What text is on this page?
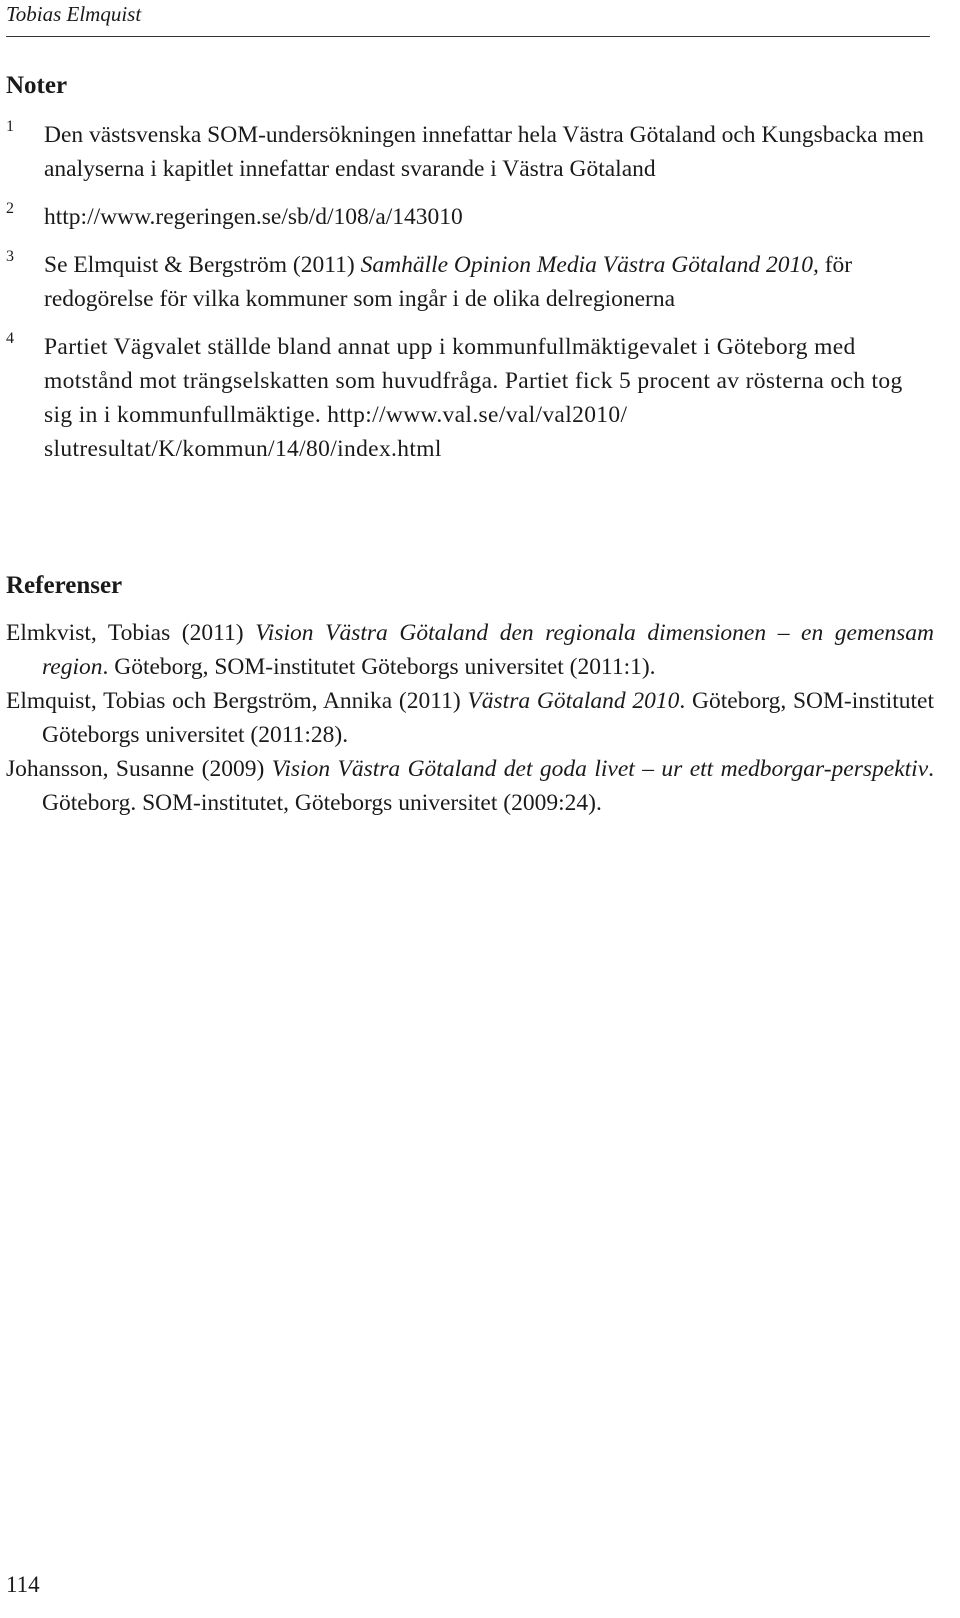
Tobias Elmquist
Noter
1 Den västsvenska SOM-undersökningen innefattar hela Västra Götaland och Kungsbacka men analyserna i kapitlet innefattar endast svarande i Västra Götaland
2 http://www.regeringen.se/sb/d/108/a/143010
3 Se Elmquist & Bergström (2011) Samhälle Opinion Media Västra Götaland 2010, för redogörelse för vilka kommuner som ingår i de olika delregionerna
4 Partiet Vägvalet ställde bland annat upp i kommunfullmäktigevalet i Göteborg med motstånd mot trängselskatten som huvudfråga. Partiet fick 5 procent av rösterna och tog sig in i kommunfullmäktige. http://www.val.se/val/val2010/ slutresultat/K/kommun/14/80/index.html
Referenser

Elmkvist, Tobias (2011) Vision Västra Götaland den regionala dimensionen – en gemensam region. Göteborg, SOM-institutet Göteborgs universitet (2011:1).

Elmquist, Tobias och Bergström, Annika (2011) Västra Götaland 2010. Göteborg, SOM-institutet Göteborgs universitet (2011:28).

Johansson, Susanne (2009) Vision Västra Götaland det goda livet – ur ett medborgar-perspektiv. Göteborg. SOM-institutet, Göteborgs universitet (2009:24).

114
